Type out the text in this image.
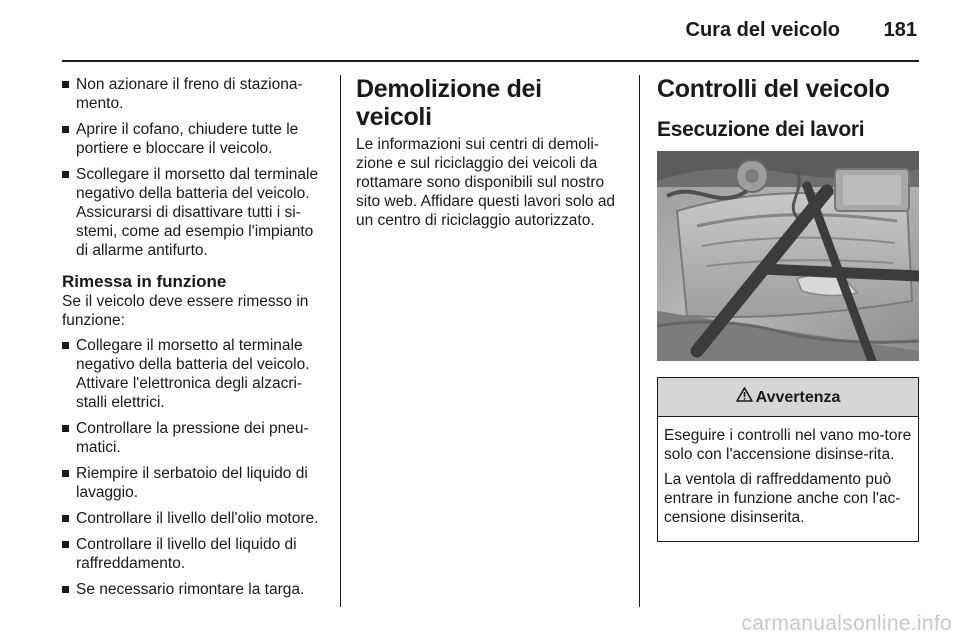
Cura del veicolo 181
Non azionare il freno di staziona-mento.
Aprire il cofano, chiudere tutte le portiere e bloccare il veicolo.
Scollegare il morsetto dal terminale negativo della batteria del veicolo. Assicurarsi di disattivare tutti i si-stemi, come ad esempio l'impianto di allarme antifurto.
Rimessa in funzione
Se il veicolo deve essere rimesso in funzione:
Collegare il morsetto al terminale negativo della batteria del veicolo. Attivare l'elettronica degli alzacri-stalli elettrici.
Controllare la pressione dei pneu-matici.
Riempire il serbatoio del liquido di lavaggio.
Controllare il livello dell'olio motore.
Controllare il livello del liquido di raffreddamento.
Se necessario rimontare la targa.
Demolizione dei veicoli
Le informazioni sui centri di demoli-zione e sul riciclaggio dei veicoli da rottamare sono disponibili sul nostro sito web. Affidare questi lavori solo ad un centro di riciclaggio autorizzato.
Controlli del veicolo
Esecuzione dei lavori
Avvertenza
Eseguire i controlli nel vano mo-tore solo con l'accensione disinse-rita.
La ventola di raffreddamento può entrare in funzione anche con l'ac-censione disinserita.
carmanualsonline.info
